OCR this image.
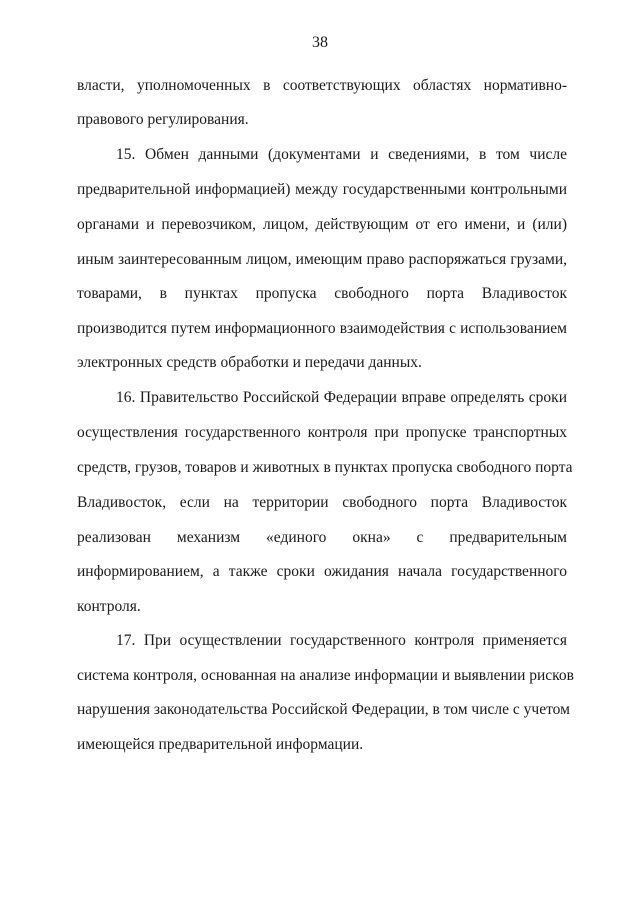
38
власти, уполномоченных в соответствующих областях нормативно-
правового регулирования.
15. Обмен данными (документами и сведениями, в том числе
предварительной информацией) между государственными контрольными
органами и перевозчиком, лицом, действующим от его имени, и (или)
иным заинтересованным лицом, имеющим право распоряжаться грузами,
товарами, в пунктах пропуска свободного порта Владивосток
производится путем информационного взаимодействия с использованием
электронных средств обработки и передачи данных.
16. Правительство Российской Федерации вправе определять сроки
осуществления государственного контроля при пропуске транспортных
средств, грузов, товаров и животных в пунктах пропуска свободного порта
Владивосток, если на территории свободного порта Владивосток
реализован механизм «единого окна» с предварительным
информированием, а также сроки ожидания начала государственного
контроля.
17. При осуществлении государственного контроля применяется
система контроля, основанная на анализе информации и выявлении рисков
нарушения законодательства Российской Федерации, в том числе с учетом
имеющейся предварительной информации.
